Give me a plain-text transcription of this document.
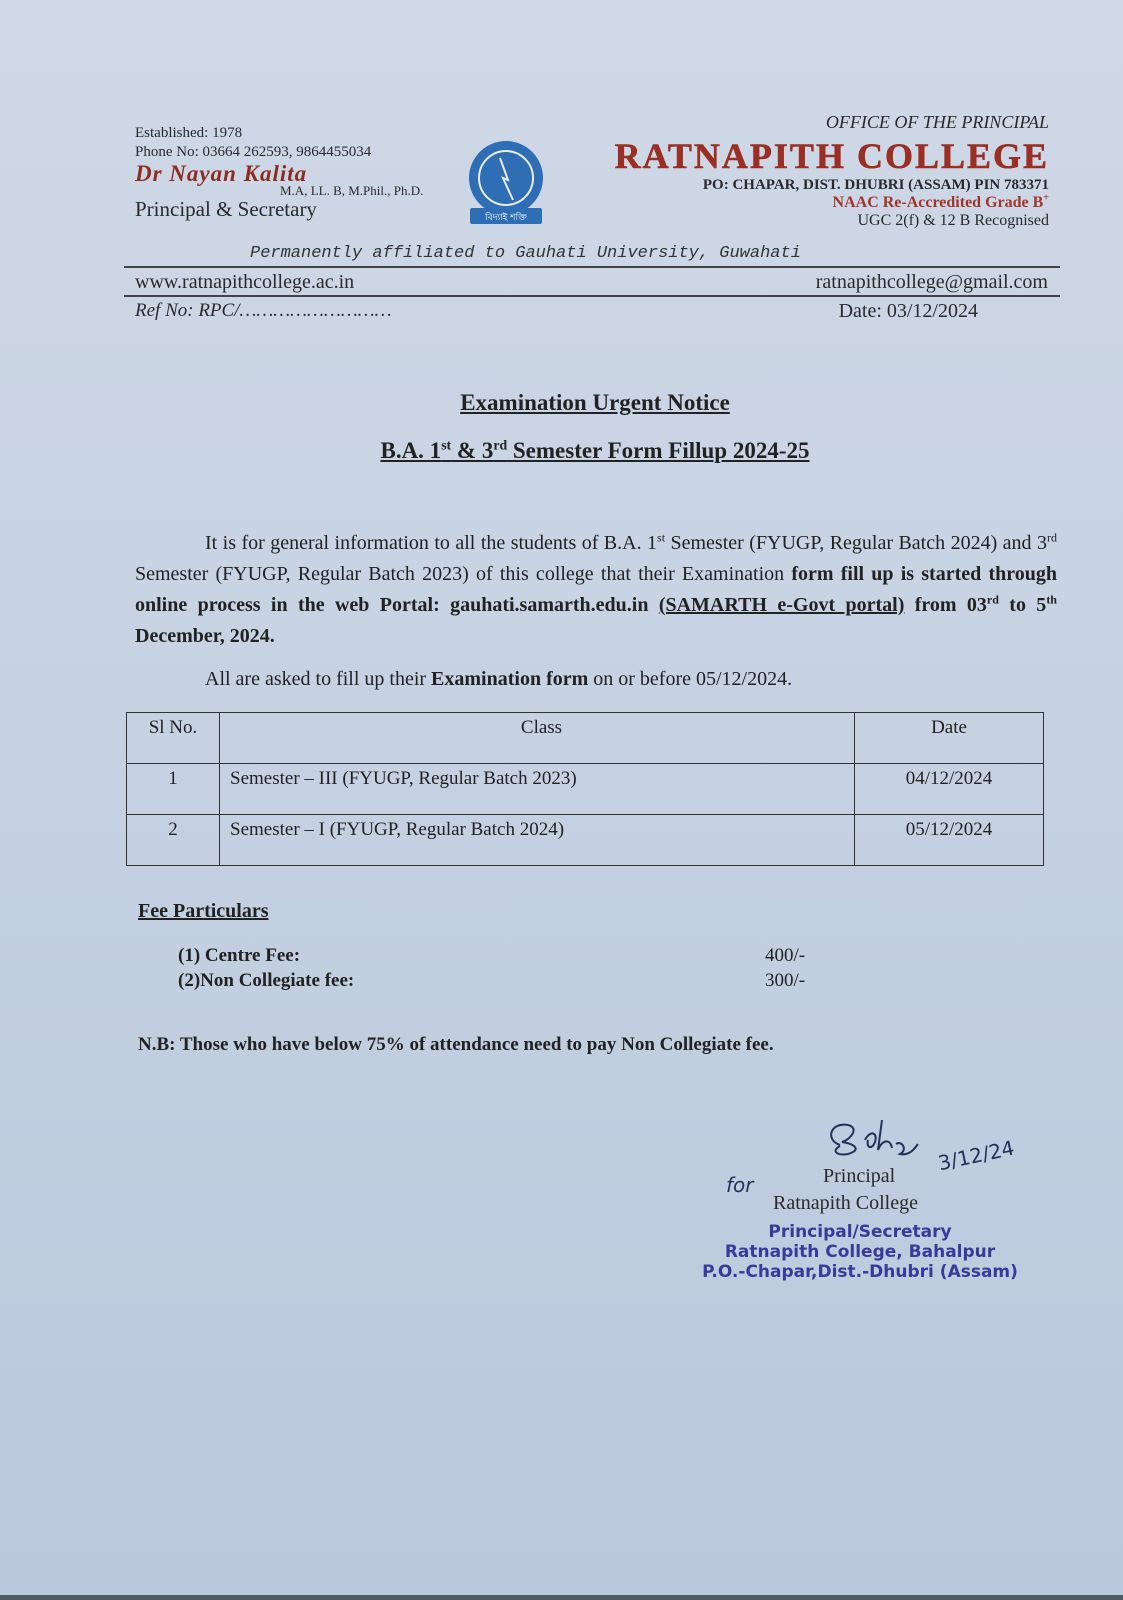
Established: 1978
Phone No: 03664 262593, 9864455034
Dr Nayan Kalita
M.A, LL. B, M.Phil., Ph.D.
Principal & Secretary	বিদ্যাই শক্তি
OFFICE OF THE PRINCIPAL
RATNAPITH COLLEGE
PO: CHAPAR, DIST. DHUBRI (ASSAM) PIN 783371
NAAC Re-Accredited Grade B+
UGC 2(f) & 12 B Recognised
Permanently affiliated to Gauhati University, Guwahati
www.ratnapithcollege.ac.in	ratnapithcollege@gmail.com
Ref No: RPC/………………………	Date: 03/12/2024
Examination Urgent Notice
B.A. 1st & 3rd Semester Form Fillup 2024-25
It is for general information to all the students of B.A. 1st Semester (FYUGP, Regular Batch 2024) and 3rd Semester (FYUGP, Regular Batch 2023) of this college that their Examination form fill up is started through online process in the web Portal: gauhati.samarth.edu.in (SAMARTH e-Govt portal) from 03rd to 5th December, 2024.
All are asked to fill up their Examination form on or before 05/12/2024.
Sl No.	Class	Date
1	Semester – III (FYUGP, Regular Batch 2023)	04/12/2024
2	Semester – I (FYUGP, Regular Batch 2024)	05/12/2024
Fee Particulars
(1) Centre Fee:	400/-
(2)Non Collegiate fee:	300/-
N.B: Those who have below 75% of attendance need to pay Non Collegiate fee.
3/12/24
for	Principal
Ratnapith College
Principal/Secretary
Ratnapith College, Bahalpur
P.O.-Chapar,Dist.-Dhubri (Assam)
